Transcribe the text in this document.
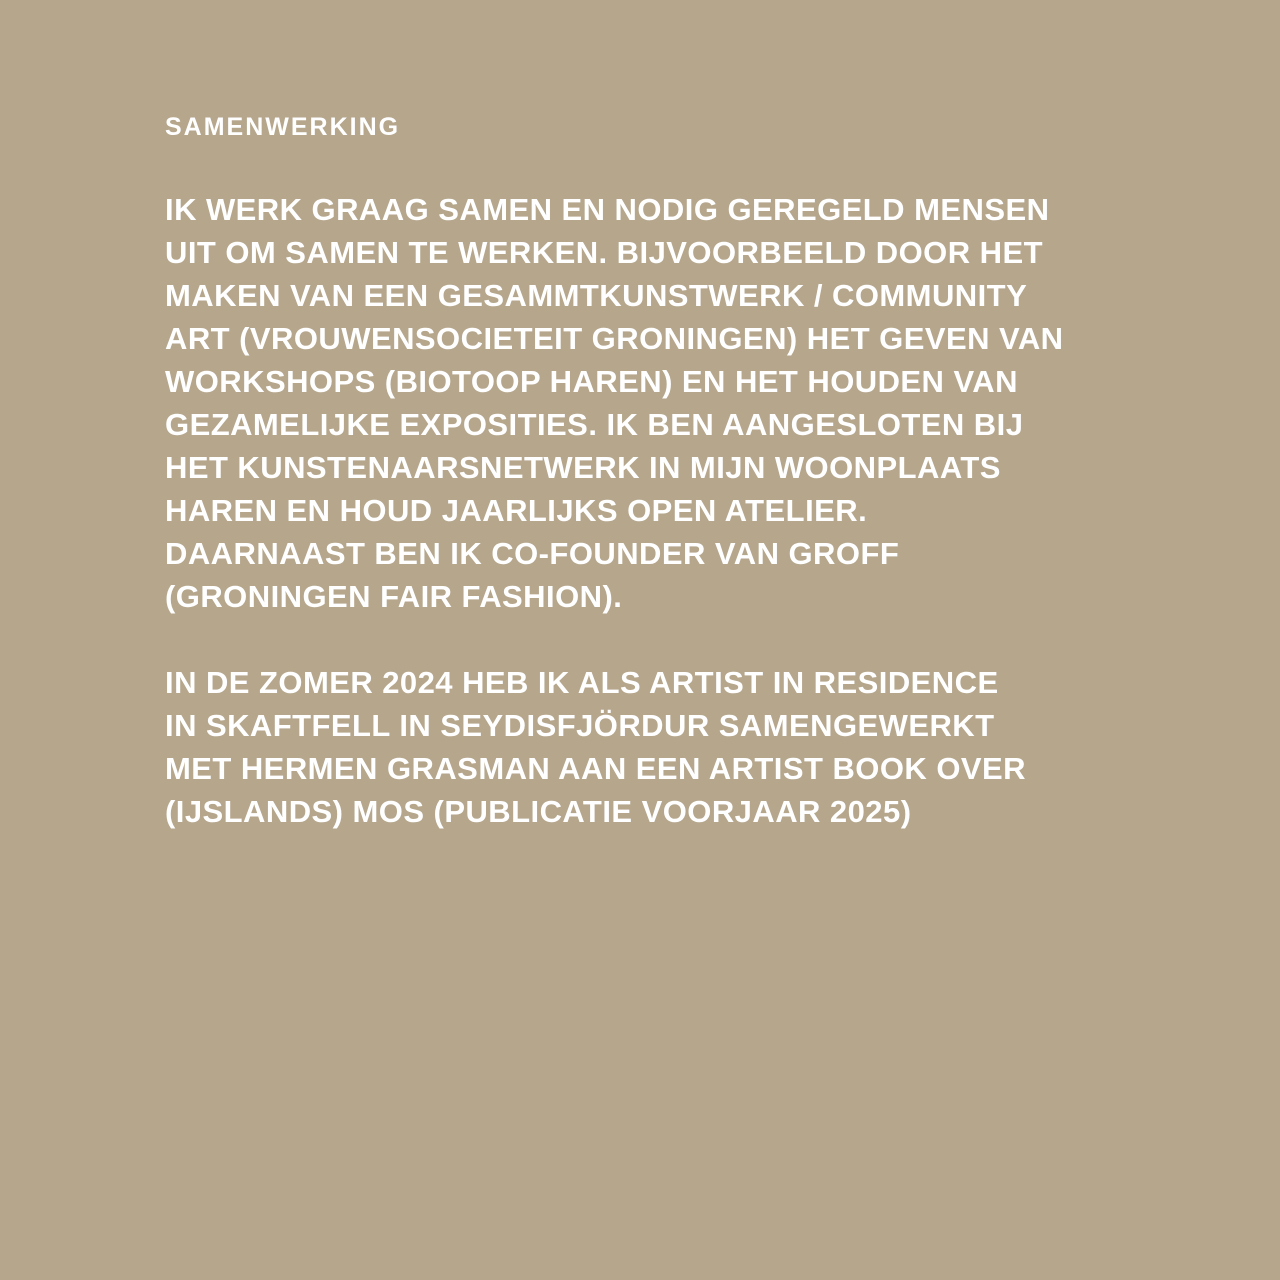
SAMENWERKING
IK WERK GRAAG SAMEN EN NODIG GEREGELD MENSEN
UIT OM SAMEN TE WERKEN. BIJVOORBEELD DOOR HET
MAKEN VAN EEN GESAMMTKUNSTWERK / COMMUNITY
ART (VROUWENSOCIETEIT GRONINGEN) HET GEVEN VAN
WORKSHOPS (BIOTOOP HAREN) EN HET HOUDEN VAN
GEZAMELIJKE EXPOSITIES. IK BEN AANGESLOTEN BIJ
HET KUNSTENAARSNETWERK IN MIJN WOONPLAATS
HAREN EN HOUD JAARLIJKS OPEN ATELIER.
DAARNAAST BEN IK CO-FOUNDER VAN GROFF
(GRONINGEN FAIR FASHION).
IN DE ZOMER 2024 HEB IK ALS ARTIST IN RESIDENCE
IN SKAFTFELL IN SEYDISFJÖRDUR SAMENGEWERKT
MET HERMEN GRASMAN AAN EEN ARTIST BOOK OVER
(IJSLANDS) MOS (PUBLICATIE VOORJAAR 2025)
